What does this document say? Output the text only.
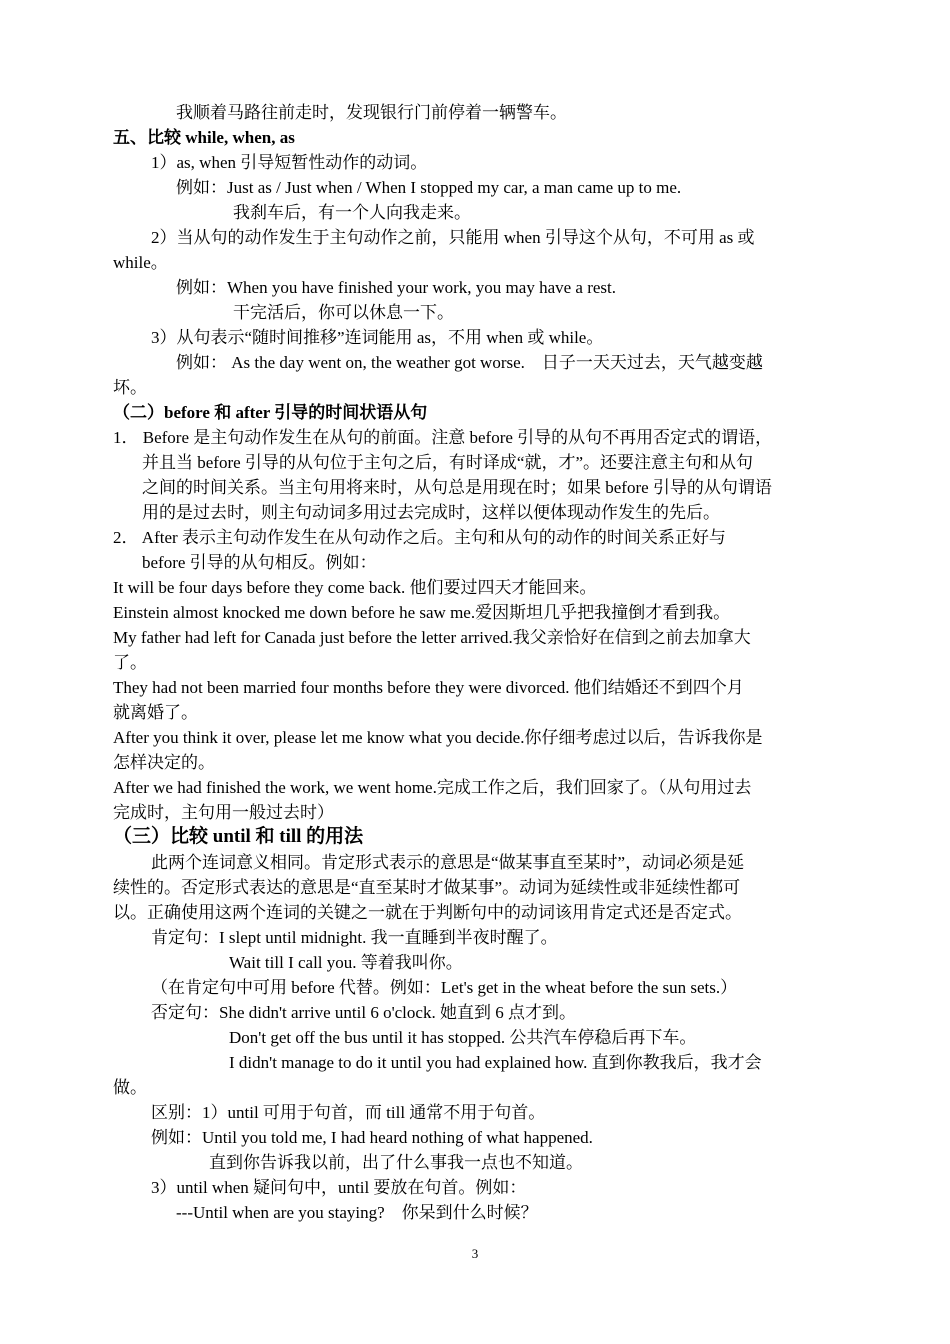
我顺着马路往前走时，发现银行门前停着一辆警车。
五、比较 while, when, as
1）as, when 引导短暂性动作的动词。
例如：Just as / Just when / When I stopped my car, a man came up to me.
我刹车后，有一个人向我走来。
2）当从句的动作发生于主句动作之前，只能用 when 引导这个从句，不可用 as 或
while。
例如：When you have finished your work, you may have a rest.
干完活后，你可以休息一下。
3）从句表示“随时间推移”连词能用 as，不用 when 或 while。
例如： As the day went on, the weather got worse.　日子一天天过去，天气越变越
坏。
（二）before 和 after 引导的时间状语从句
1． Before 是主句动作发生在从句的前面。注意 before 引导的从句不再用否定式的谓语，
并且当 before 引导的从句位于主句之后，有时译成“就，才”。还要注意主句和从句
之间的时间关系。当主句用将来时，从句总是用现在时；如果 before 引导的从句谓语
用的是过去时，则主句动词多用过去完成时，这样以便体现动作发生的先后。
2． After 表示主句动作发生在从句动作之后。主句和从句的动作的时间关系正好与
before 引导的从句相反。例如：
It will be four days before they come back. 他们要过四天才能回来。
Einstein almost knocked me down before he saw me.爱因斯坦几乎把我撞倒才看到我。
My father had left for Canada just before the letter arrived.我父亲恰好在信到之前去加拿大
了。
They had not been married four months before they were divorced. 他们结婚还不到四个月
就离婚了。
After you think it over, please let me know what you decide.你仔细考虑过以后，告诉我你是
怎样决定的。
After we had finished the work, we went home.完成工作之后，我们回家了。（从句用过去
完成时，主句用一般过去时）
（三）比较 until 和 till 的用法
此两个连词意义相同。肯定形式表示的意思是“做某事直至某时”，动词必须是延
续性的。否定形式表达的意思是“直至某时才做某事”。动词为延续性或非延续性都可
以。正确使用这两个连词的关键之一就在于判断句中的动词该用肯定式还是否定式。
肯定句：I slept until midnight. 我一直睡到半夜时醒了。
Wait till I call you. 等着我叫你。
（在肯定句中可用 before 代替。例如：Let's get in the wheat before the sun sets.）
否定句：She didn't arrive until 6 o'clock. 她直到 6 点才到。
Don't get off the bus until it has stopped. 公共汽车停稳后再下车。
I didn't manage to do it until you had explained how. 直到你教我后，我才会
做。
区别：1）until 可用于句首，而 till 通常不用于句首。
例如：Until you told me, I had heard nothing of what happened.
直到你告诉我以前，出了什么事我一点也不知道。
3）until when 疑问句中，until 要放在句首。例如：
---Until when are you staying?　你呆到什么时候？
3
